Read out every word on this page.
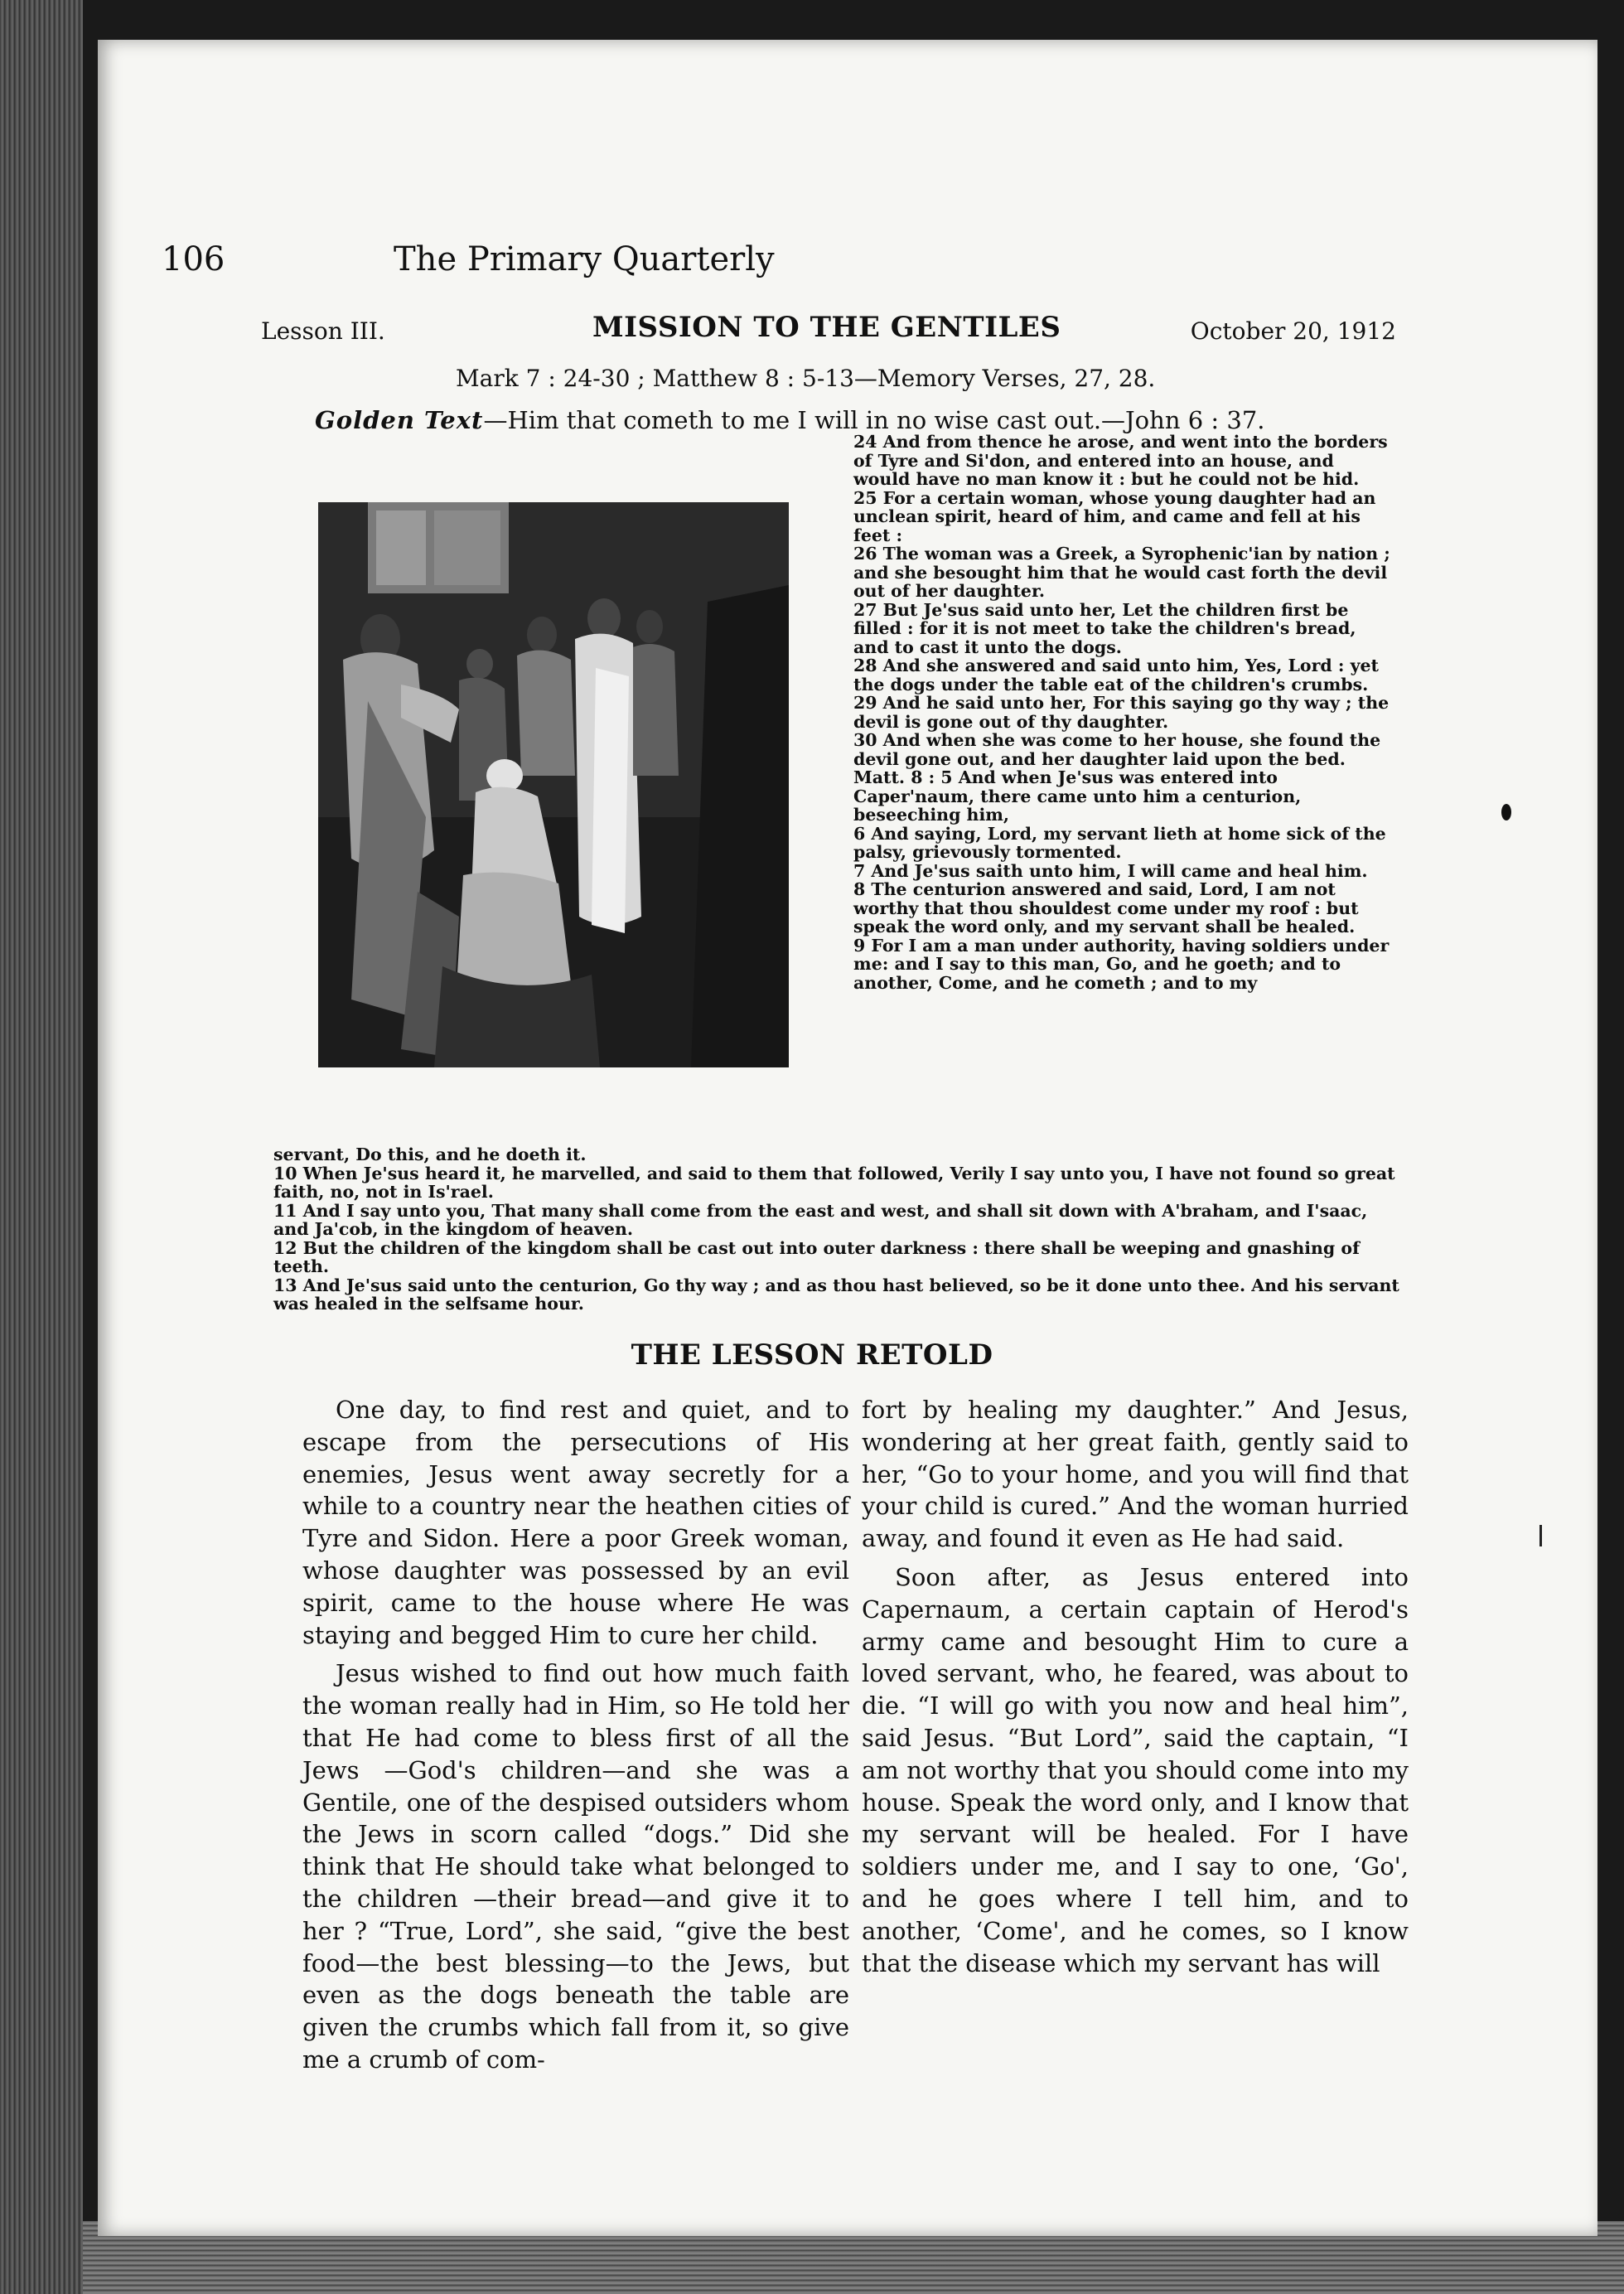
106	The Primary Quarterly
Lesson III.	MISSION TO THE GENTILES	October 20, 1912
Mark 7 : 24-30 ; Matthew 8 : 5-13—Memory Verses, 27, 28.
Golden Text—Him that cometh to me I will in no wise cast out.—John 6 : 37.

24 And from thence he arose, and went into the borders of Tyre and Si'don, and entered into an house, and would have no man know it : but he could not be hid.

25 For a certain woman, whose young daughter had an unclean spirit, heard of him, and came and fell at his feet :

26 The woman was a Greek, a Syrophenic'ian by nation ; and she besought him that he would cast forth the devil out of her daughter.

27 But Je'sus said unto her, Let the children first be filled : for it is not meet to take the children's bread, and to cast it unto the dogs.

28 And she answered and said unto him, Yes, Lord : yet the dogs under the table eat of the children's crumbs.

29 And he said unto her, For this saying go thy way ; the devil is gone out of thy daughter.

30 And when she was come to her house, she found the devil gone out, and her daughter laid upon the bed.

Matt. 8 : 5 And when Je'sus was entered into Caper'naum, there came unto him a centurion, beseeching him,

6 And saying, Lord, my servant lieth at home sick of the palsy, grievously tormented.

7 And Je'sus saith unto him, I will came and heal him.

8 The centurion answered and said, Lord, I am not worthy that thou shouldest come under my roof : but speak the word only, and my servant shall be healed.

9 For I am a man under authority, having soldiers under me: and I say to this man, Go, and he goeth; and to another, Come, and he cometh ; and to my

servant, Do this, and he doeth it.

10 When Je'sus heard it, he marvelled, and said to them that followed, Verily I say unto you, I have not found so great faith, no, not in Is'rael.

11 And I say unto you, That many shall come from the east and west, and shall sit down with A'braham, and I'saac, and Ja'cob, in the kingdom of heaven.

12 But the children of the kingdom shall be cast out into outer darkness : there shall be weeping and gnashing of teeth.

13 And Je'sus said unto the centurion, Go thy way ; and as thou hast believed, so be it done unto thee. And his servant was healed in the selfsame hour.

THE LESSON RETOLD

One day, to find rest and quiet, and to escape from the persecutions of His enemies, Jesus went away secretly for a while to a country near the heathen cities of Tyre and Sidon. Here a poor Greek woman, whose daughter was possessed by an evil spirit, came to the house where He was staying and begged Him to cure her child.

Jesus wished to find out how much faith the woman really had in Him, so He told her that He had come to bless first of all the Jews —God's children—and she was a Gentile, one of the despised outsiders whom the Jews in scorn called “dogs.” Did she think that He should take what belonged to the children —their bread—and give it to her ? “True, Lord”, she said, “give the best food—the best blessing—to the Jews, but even as the dogs beneath the table are given the crumbs which fall from it, so give me a crumb of com-

fort by healing my daughter.” And Jesus, wondering at her great faith, gently said to her, “Go to your home, and you will find that your child is cured.” And the woman hurried away, and found it even as He had said.

Soon after, as Jesus entered into Capernaum, a certain captain of Herod's army came and besought Him to cure a loved servant, who, he feared, was about to die. “I will go with you now and heal him”, said Jesus. “But Lord”, said the captain, “I am not worthy that you should come into my house. Speak the word only, and I know that my servant will be healed. For I have soldiers under me, and I say to one, ‘Go', and he goes where I tell him, and to another, ‘Come', and he comes, so I know that the disease which my servant has will
